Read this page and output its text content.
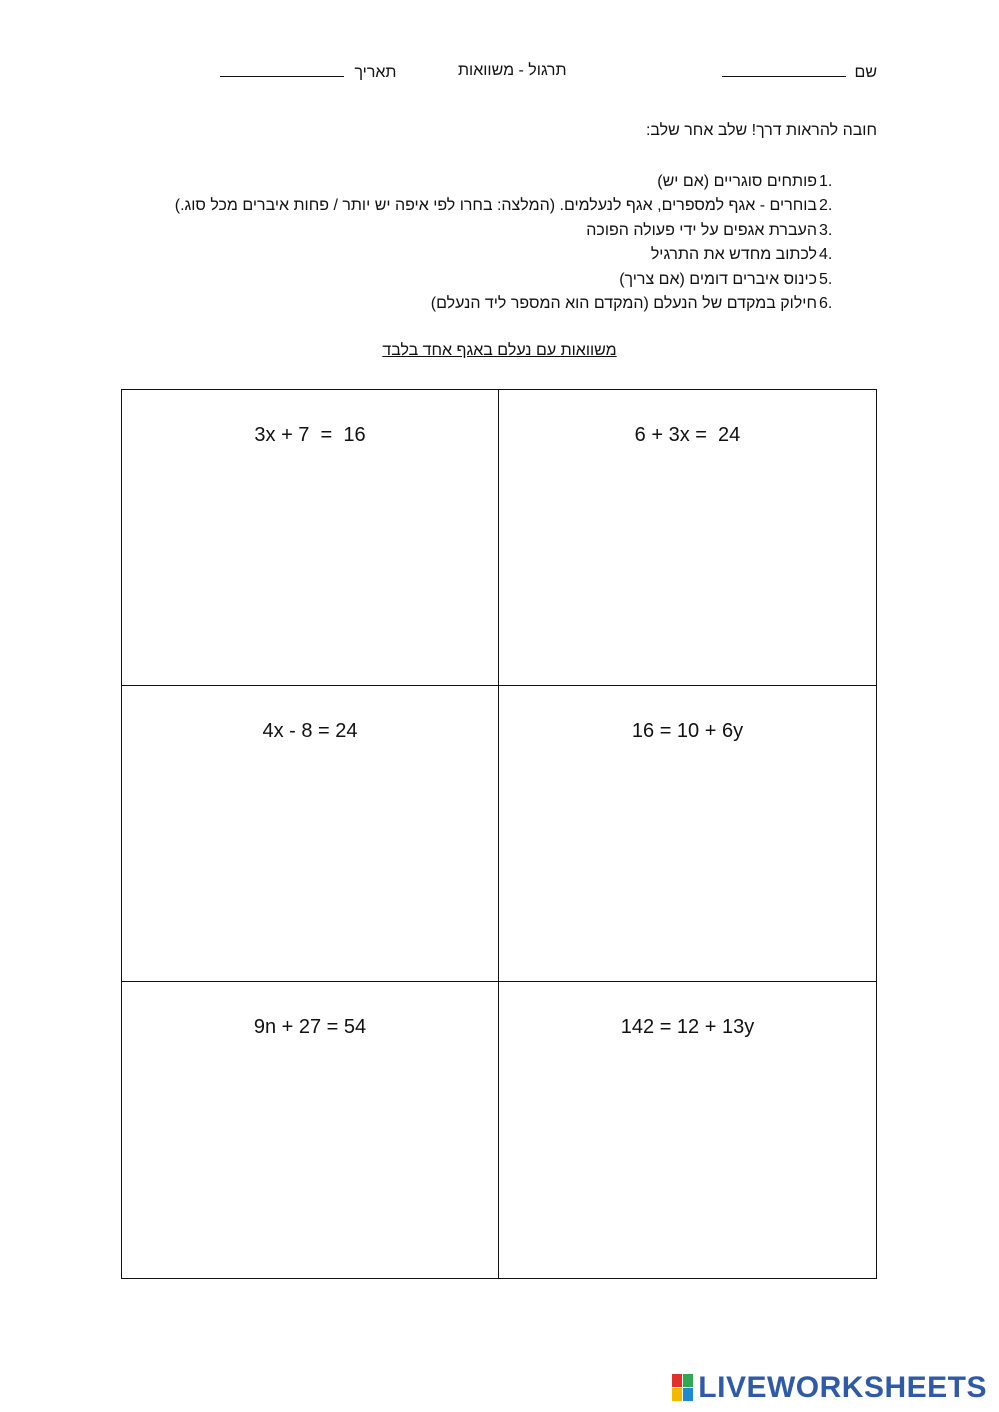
שם
תרגול - משוואות
תאריך
חובה להראות דרך! שלב אחר שלב:
1.פותחים סוגריים (אם יש)
2.בוחרים - אגף למספרים, אגף לנעלמים. (המלצה: בחרו לפי איפה יש יותר / פחות איברים מכל סוג.)
3.העברת אגפים על ידי פעולה הפוכה
4.לכתוב מחדש את התרגיל
5.כינוס איברים דומים (אם צריך)
6.חילוק במקדם של הנעלם (המקדם הוא המספר ליד הנעלם)
משוואות עם נעלם באגף אחד בלבד
3x + 7  =  16	6 + 3x =  24
4x - 8 = 24	16 = 10 + 6y
9n + 27 = 54	142 = 12 + 13y
LIVEWORKSHEETS
